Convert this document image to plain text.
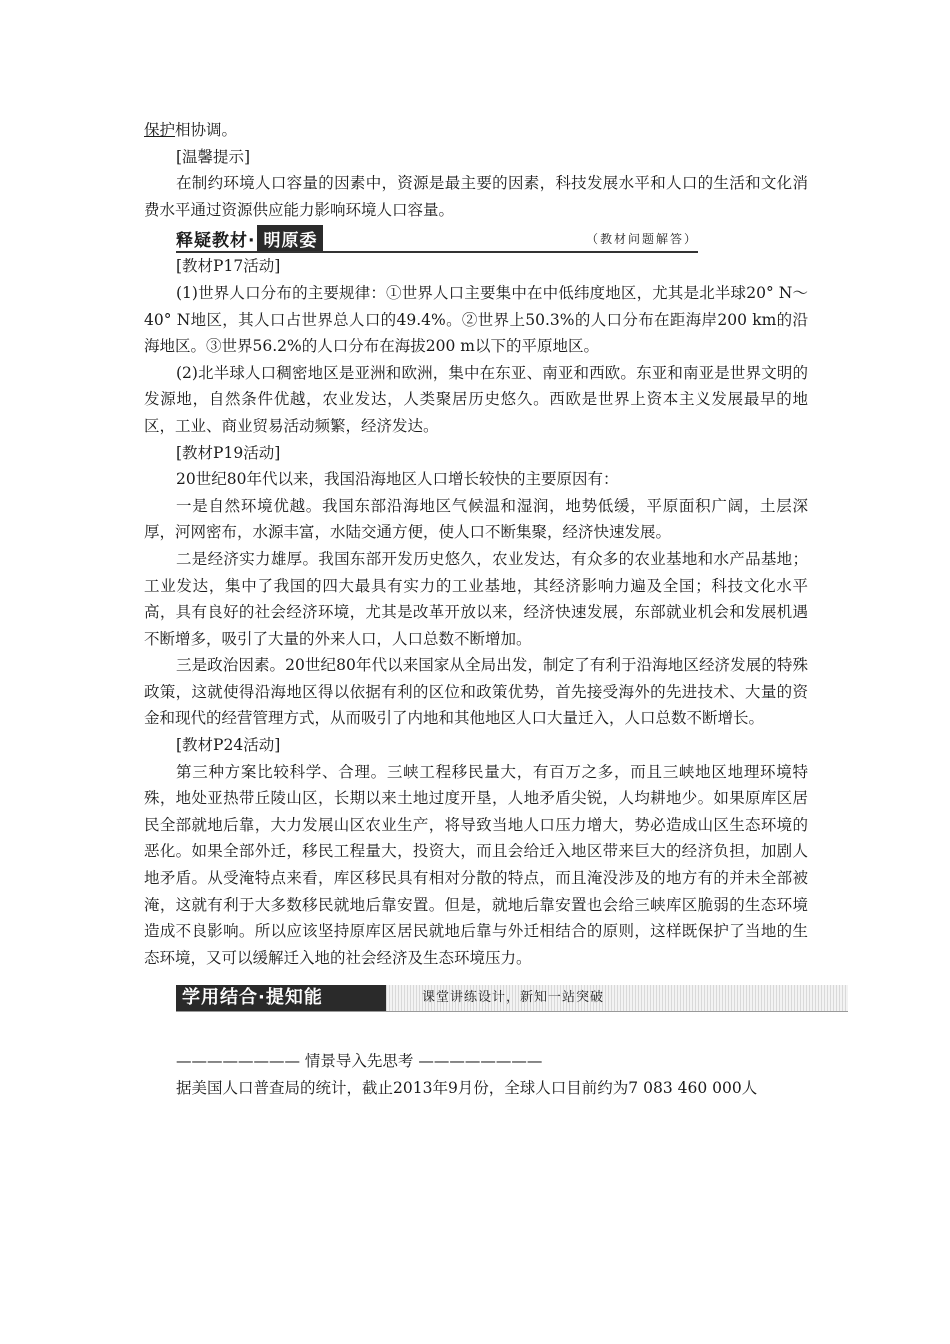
保护相协调。

[温馨提示]

在制约环境人口容量的因素中，资源是最主要的因素，科技发展水平和人口的生活和文化消费水平通过资源供应能力影响环境人口容量。

释疑教材· 明原委	（教材问题解答）

[教材P17活动]

(1)世界人口分布的主要规律：①世界人口主要集中在中低纬度地区，尤其是北半球20° N～40° N地区，其人口占世界总人口的49.4%。②世界上50.3%的人口分布在距海岸200 km的沿海地区。③世界56.2%的人口分布在海拔200 m以下的平原地区。

(2)北半球人口稠密地区是亚洲和欧洲，集中在东亚、南亚和西欧。东亚和南亚是世界文明的发源地，自然条件优越，农业发达，人类聚居历史悠久。西欧是世界上资本主义发展最早的地区，工业、商业贸易活动频繁，经济发达。

[教材P19活动]

20世纪80年代以来，我国沿海地区人口增长较快的主要原因有：

一是自然环境优越。我国东部沿海地区气候温和湿润，地势低缓，平原面积广阔，土层深厚，河网密布，水源丰富，水陆交通方便，使人口不断集聚，经济快速发展。

二是经济实力雄厚。我国东部开发历史悠久，农业发达，有众多的农业基地和水产品基地；工业发达，集中了我国的四大最具有实力的工业基地，其经济影响力遍及全国；科技文化水平高，具有良好的社会经济环境，尤其是改革开放以来，经济快速发展，东部就业机会和发展机遇不断增多，吸引了大量的外来人口，人口总数不断增加。

三是政治因素。20世纪80年代以来国家从全局出发，制定了有利于沿海地区经济发展的特殊政策，这就使得沿海地区得以依据有利的区位和政策优势，首先接受海外的先进技术、大量的资金和现代的经营管理方式，从而吸引了内地和其他地区人口大量迁入，人口总数不断增长。

[教材P24活动]

第三种方案比较科学、合理。三峡工程移民量大，有百万之多，而且三峡地区地理环境特殊，地处亚热带丘陵山区，长期以来土地过度开垦，人地矛盾尖锐，人均耕地少。如果原库区居民全部就地后靠，大力发展山区农业生产，将导致当地人口压力增大，势必造成山区生态环境的恶化。如果全部外迁，移民工程量大，投资大，而且会给迁入地区带来巨大的经济负担，加剧人地矛盾。从受淹特点来看，库区移民具有相对分散的特点，而且淹没涉及的地方有的并未全部被淹，这就有利于大多数移民就地后靠安置。但是，就地后靠安置也会给三峡库区脆弱的生态环境造成不良影响。所以应该坚持原库区居民就地后靠与外迁相结合的原则，这样既保护了当地的生态环境，又可以缓解迁入地的社会经济及生态环境压力。

学用结合·提知能	课堂讲练设计，新知一站突破
———————— 情景导入先思考 ————————

据美国人口普查局的统计，截止2013年9月份，全球人口目前约为7 083 460 000人
